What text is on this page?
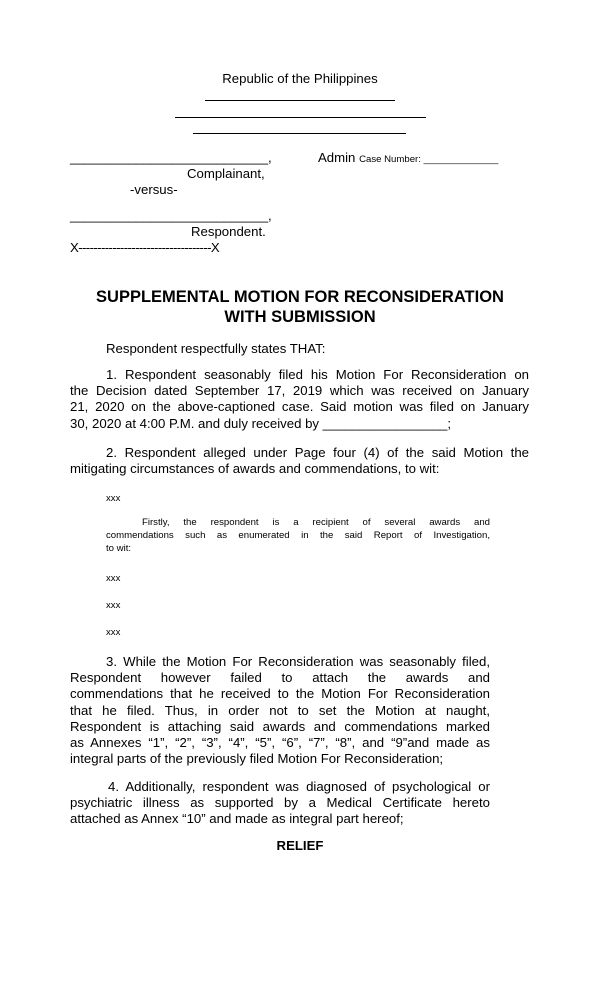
Republic of the Philippines
___________________________,	Admin Case Number: ______________
Complainant,
-versus-
___________________________,
Respondent.
X-----------------------------------X
SUPPLEMENTAL MOTION FOR RECONSIDERATION
WITH SUBMISSION
Respondent respectfully states THAT:

1. Respondent seasonably filed his Motion For Reconsideration on

the Decision dated September 17, 2019 which was received on January

21, 2020 on the above-captioned case. Said motion was filed on January

30, 2020 at 4:00 P.M. and duly received by _________________;

2. Respondent alleged under Page four (4) of the said Motion the

mitigating circumstances of awards and commendations, to wit:

xxx
Firstly, the respondent is a recipient of several awards and
commendations such as enumerated in the said Report of Investigation,
to wit:
xxx
xxx
xxx

3. While the Motion For Reconsideration was seasonably filed,

Respondent however failed to attach the awards and

commendations that he received to the Motion For Reconsideration

that he filed. Thus, in order not to set the Motion at naught,

Respondent is attaching said awards and commendations marked

as Annexes “1”, “2”, “3”, “4”, “5”, “6”, “7”, “8”, and “9”and made as

integral parts of the previously filed Motion For Reconsideration;

4. Additionally, respondent was diagnosed of psychological or

psychiatric illness as supported by a Medical Certificate hereto

attached as Annex “10” and made as integral part hereof;

RELIEF
